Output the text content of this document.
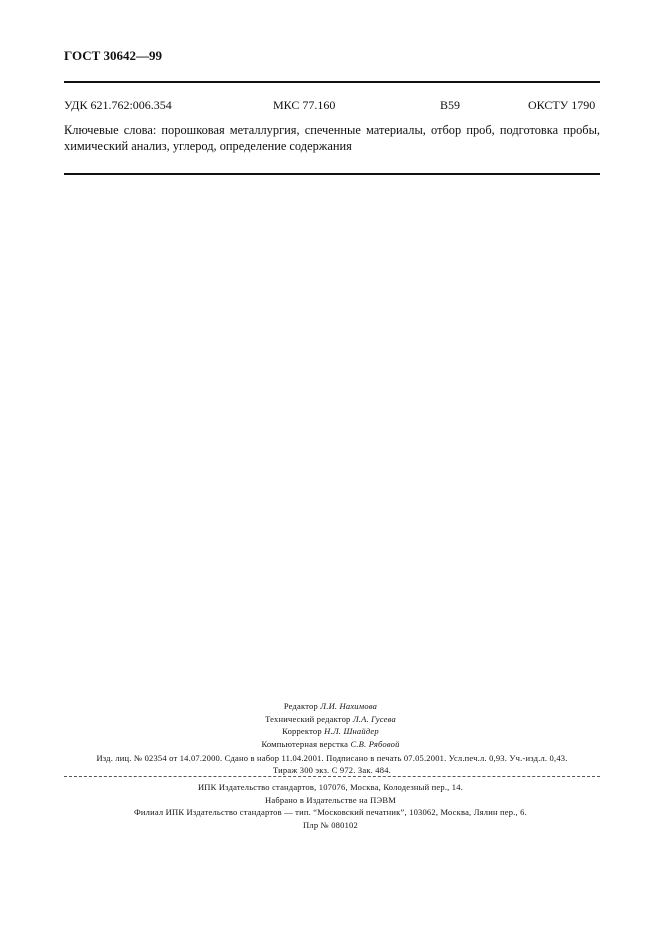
ГОСТ 30642—99
УДК 621.762:006.354	МКС 77.160	В59	ОКСТУ 1790
Ключевые слова: порошковая металлургия, спеченные материалы, отбор проб, подготовка пробы, химический анализ, углерод, определение содержания
Редактор Л.И. Нахимова
Технический редактор Л.А. Гусева
Корректор Н.Л. Шнайдер
Компьютерная верстка С.В. Рябовой
Изд. лиц. № 02354 от 14.07.2000. Сдано в набор 11.04.2001. Подписано в печать 07.05.2001. Усл.печ.л. 0,93. Уч.-изд.л. 0,43.
Тираж 300 экз. С 972. Зак. 484.
ИПК Издательство стандартов, 107076, Москва, Колодезный пер., 14.
Набрано в Издательстве на ПЭВМ
Филиал ИПК Издательство стандартов — тип. “Московский печатник”, 103062, Москва, Лялин пер., 6.
Плр № 080102
